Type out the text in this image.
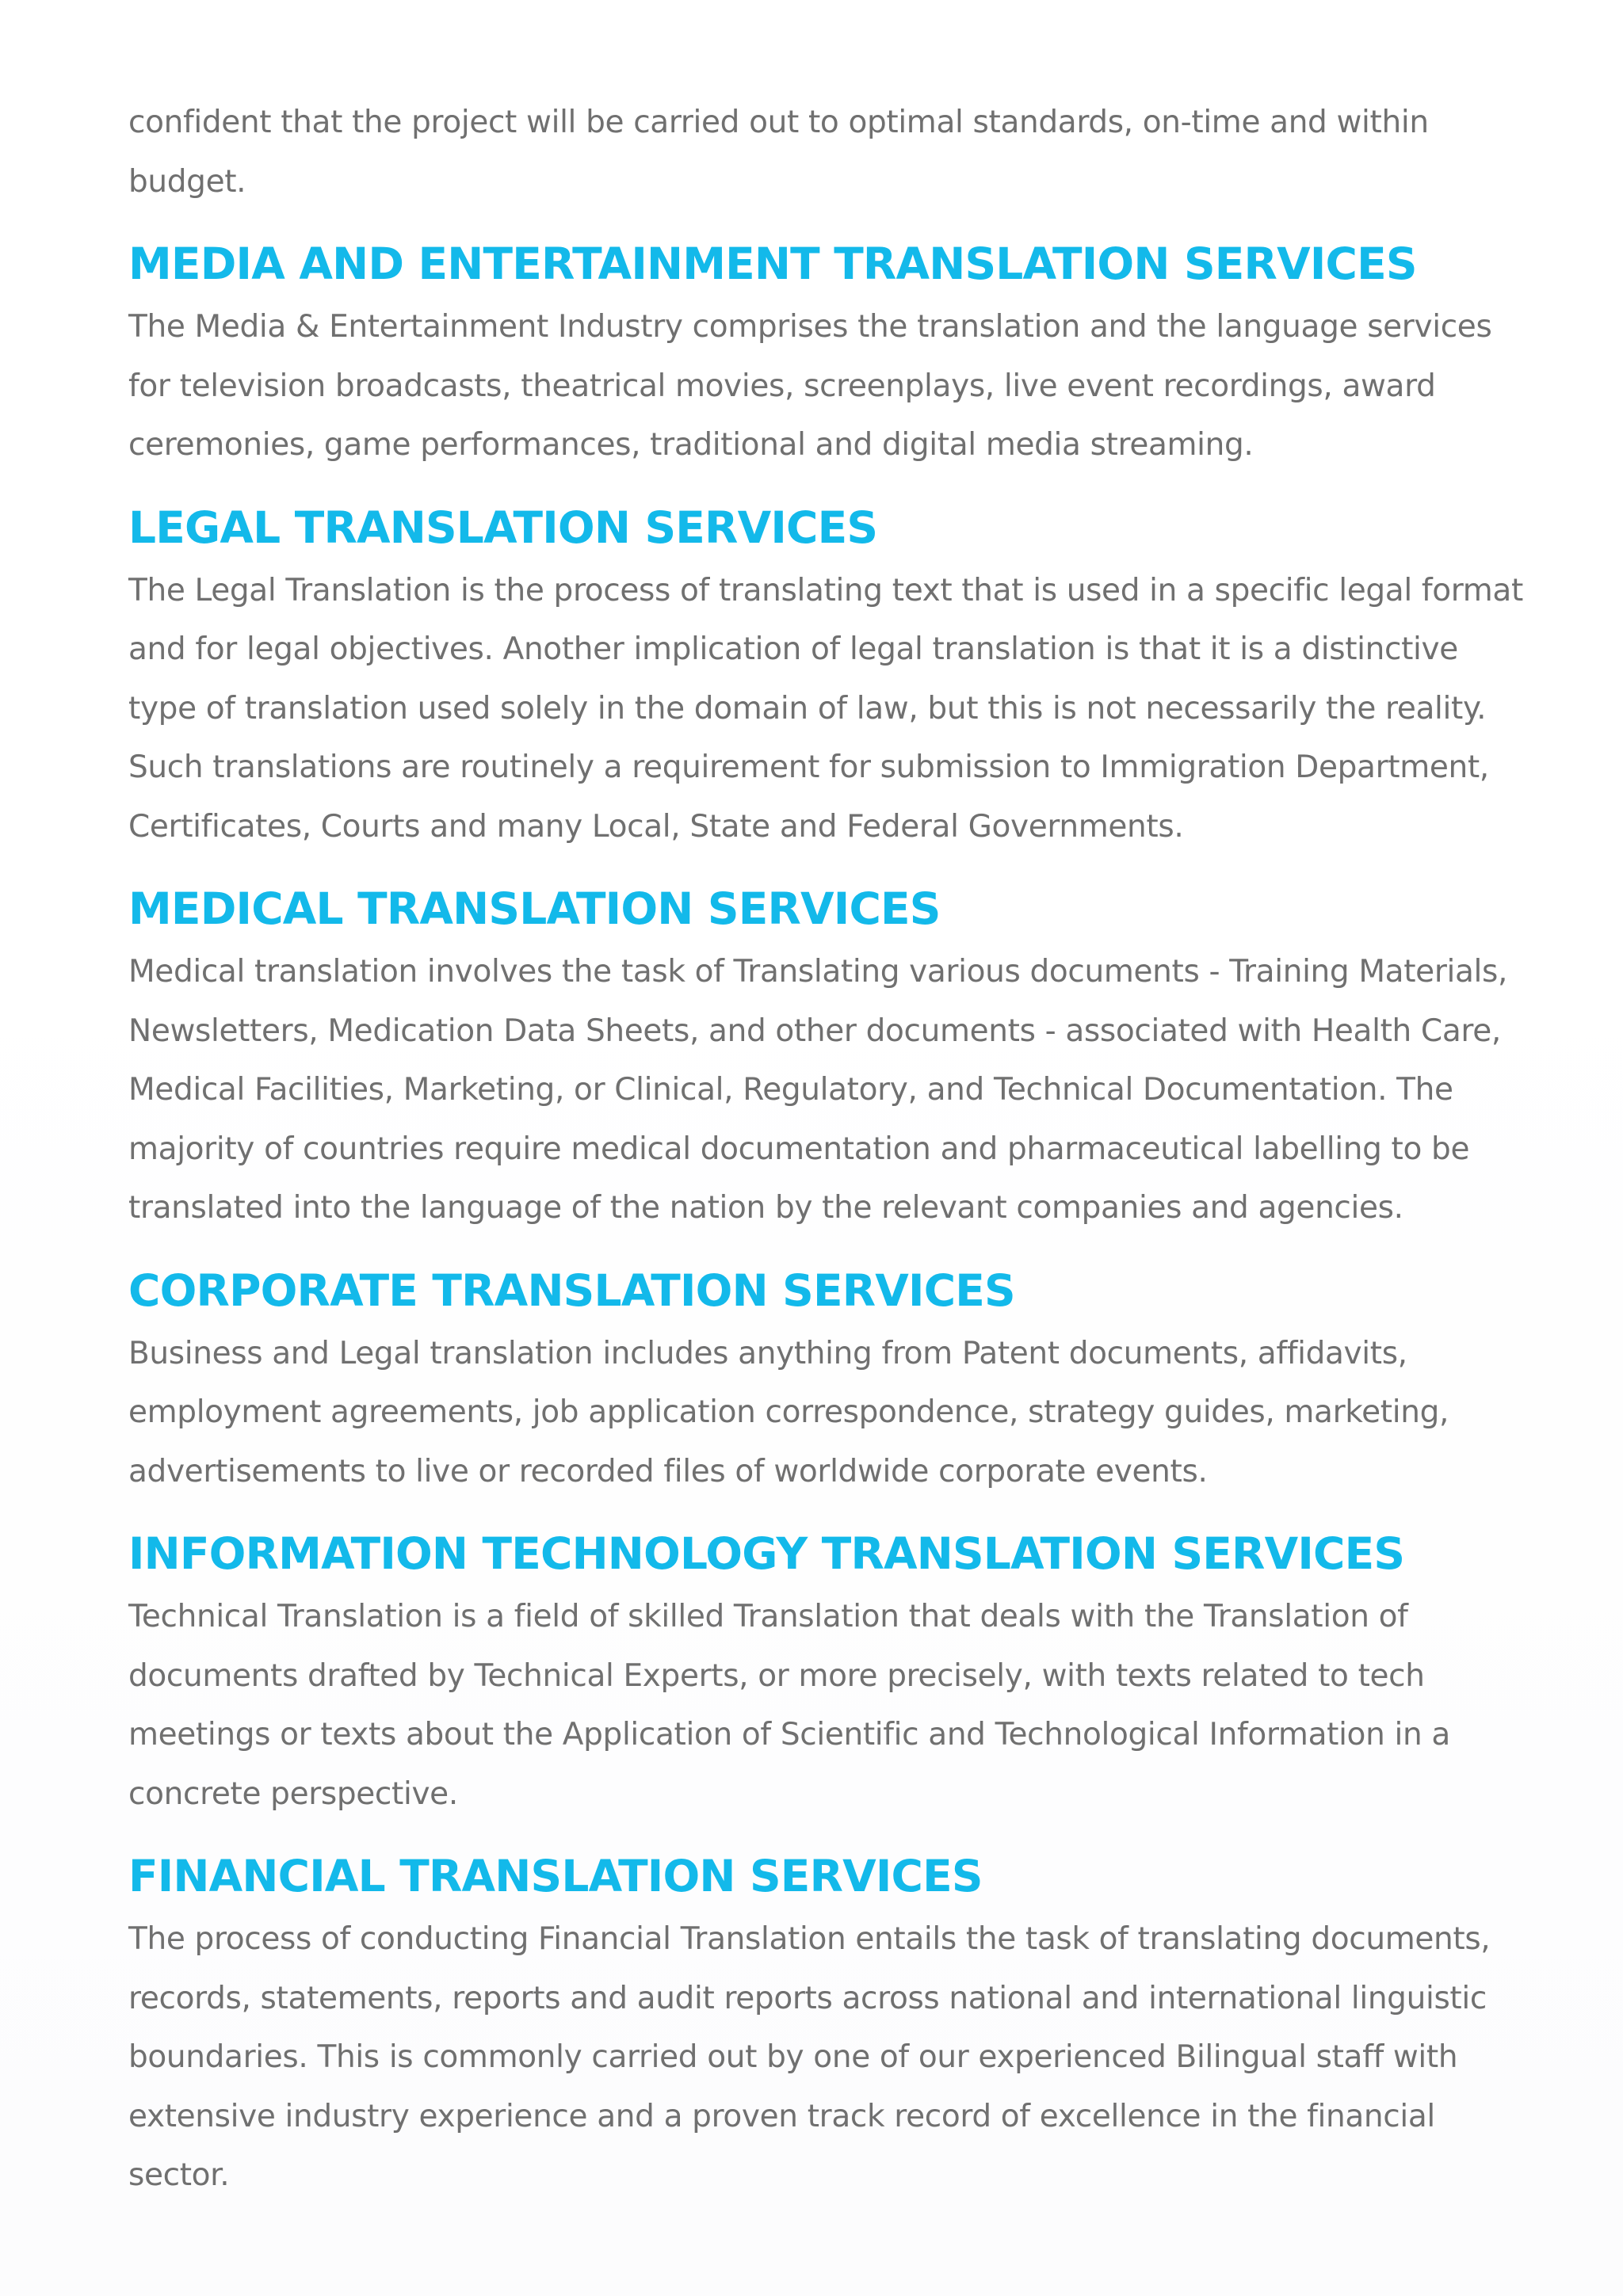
confident that the project will be carried out to optimal standards, on-time and within budget.

MEDIA AND ENTERTAINMENT TRANSLATION SERVICES

The Media & Entertainment Industry comprises the translation and the language services for television broadcasts, theatrical movies, screenplays, live event recordings, award ceremonies, game performances, traditional and digital media streaming.

LEGAL TRANSLATION SERVICES

The Legal Translation is the process of translating text that is used in a specific legal format and for legal objectives. Another implication of legal translation is that it is a distinctive type of translation used solely in the domain of law, but this is not necessarily the reality.  Such translations are routinely a requirement for submission to Immigration Department, Certificates, Courts and many Local, State and Federal Governments.

MEDICAL TRANSLATION SERVICES

Medical translation involves the task of Translating various documents - Training Materials, Newsletters, Medication Data Sheets, and other documents - associated with Health Care, Medical Facilities, Marketing, or Clinical, Regulatory, and Technical Documentation. The majority of countries require medical documentation and pharmaceutical labelling to be translated into the language of the nation by the relevant companies and agencies.

CORPORATE TRANSLATION SERVICES

Business and Legal translation includes anything from Patent documents, affidavits, employment agreements, job application correspondence, strategy guides, marketing, advertisements to live or recorded files of worldwide corporate events.

INFORMATION TECHNOLOGY TRANSLATION SERVICES

Technical Translation is a field of skilled Translation that deals with the Translation of documents drafted by Technical Experts, or more precisely, with texts related to tech meetings or texts about the Application of Scientific and Technological Information in a concrete perspective.

FINANCIAL TRANSLATION SERVICES

The process of conducting Financial Translation entails the task of translating documents, records, statements, reports and audit reports across national and international linguistic boundaries. This is commonly carried out by one of our experienced Bilingual staff with extensive industry experience and a proven track record of excellence in the financial sector.
